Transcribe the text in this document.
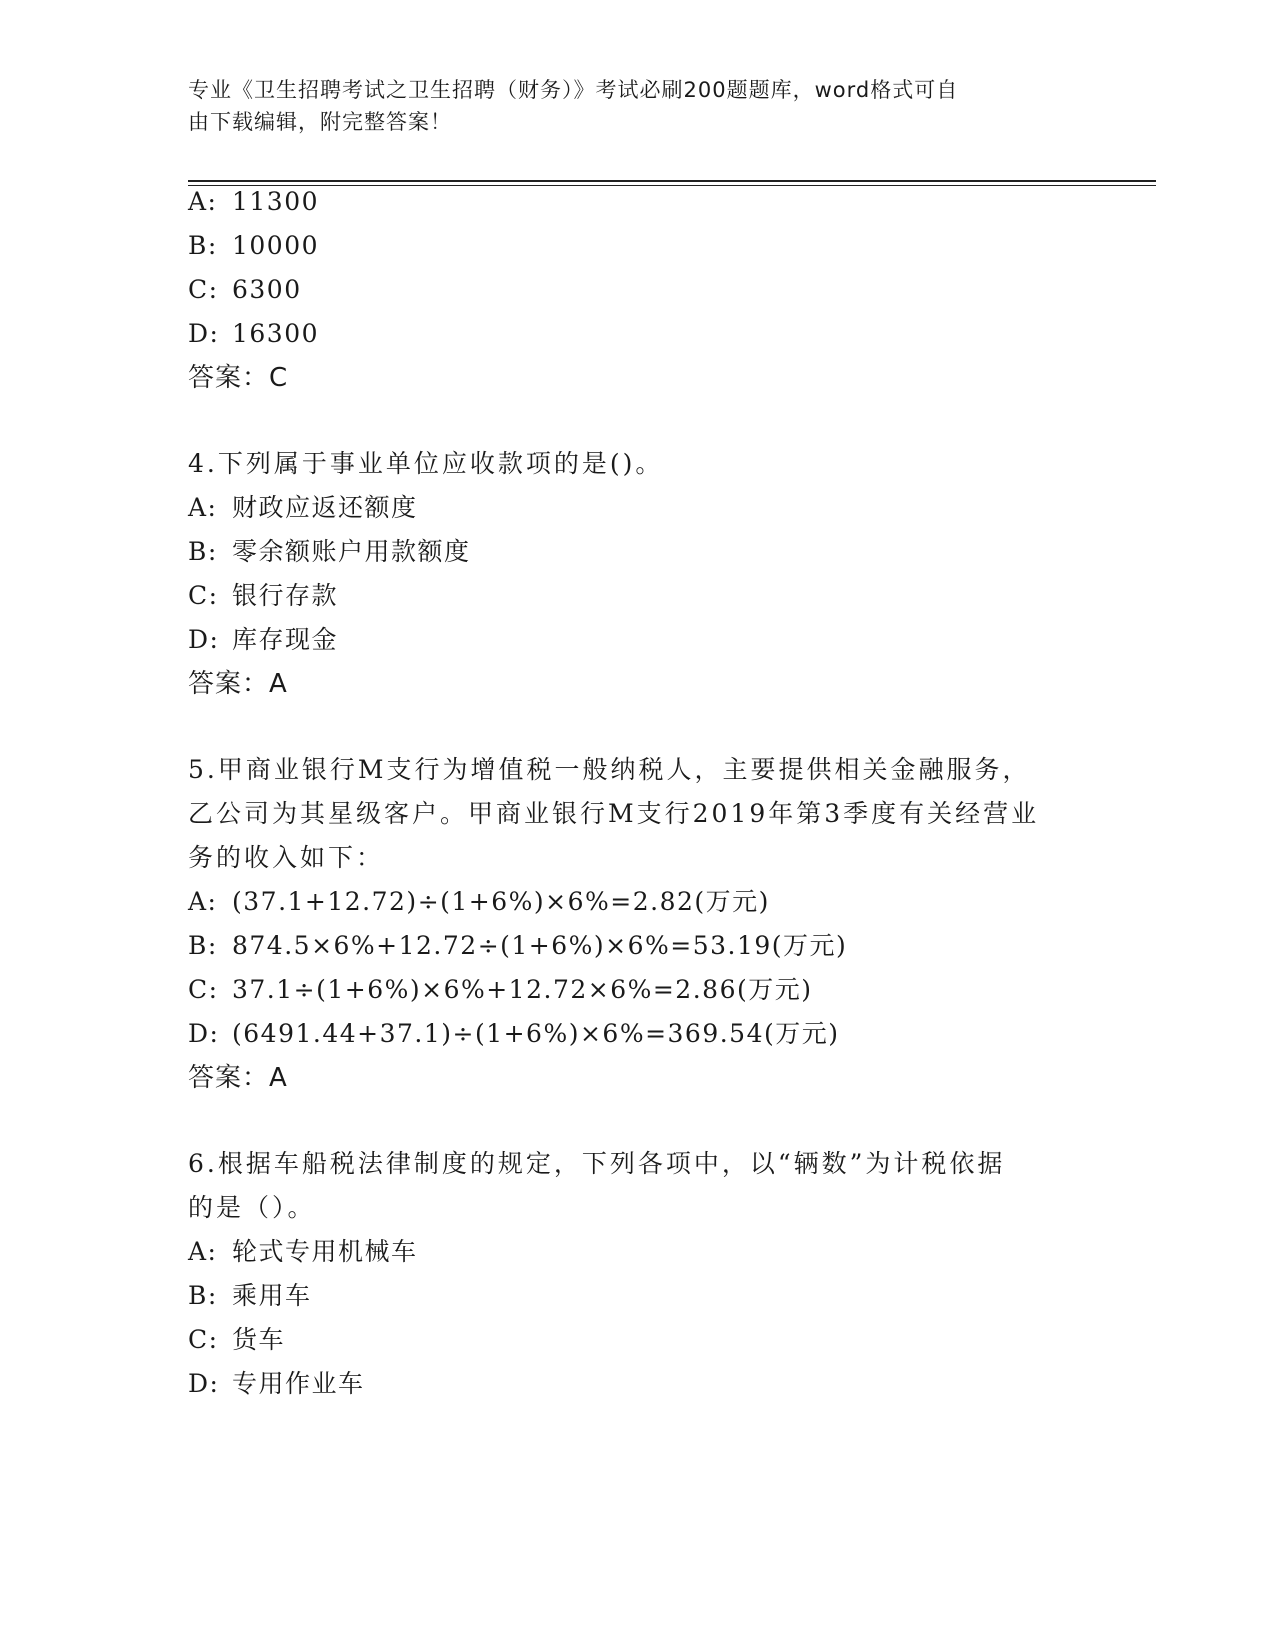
专业《卫生招聘考试之卫生招聘（财务）》考试必刷200题题库，word格式可自
由下载编辑，附完整答案！
A: 11300
B: 10000
C: 6300
D: 16300
答案：C
4.下列属于事业单位应收款项的是()。
A: 财政应返还额度
B: 零余额账户用款额度
C: 银行存款
D: 库存现金
答案：A
5.甲商业银行M支行为增值税一般纳税人，主要提供相关金融服务，
乙公司为其星级客户。甲商业银行M支行2019年第3季度有关经营业
务的收入如下：
A: (37.1+12.72)÷(1+6%)×6%=2.82(万元)
B: 874.5×6%+12.72÷(1+6%)×6%=53.19(万元)
C: 37.1÷(1+6%)×6%+12.72×6%=2.86(万元)
D: (6491.44+37.1)÷(1+6%)×6%=369.54(万元)
答案：A
6.根据车船税法律制度的规定，下列各项中，以“辆数”为计税依据
的是（）。
A: 轮式专用机械车
B: 乘用车
C: 货车
D: 专用作业车
